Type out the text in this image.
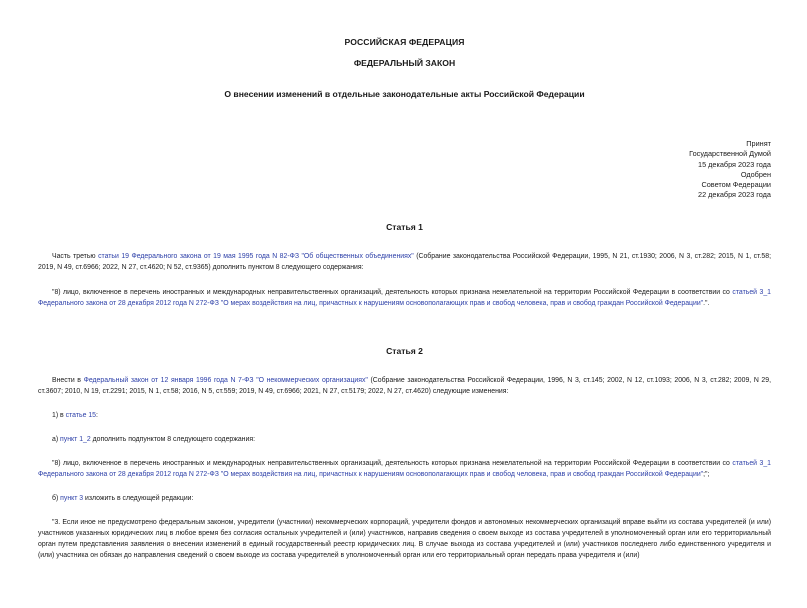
РОССИЙСКАЯ ФЕДЕРАЦИЯ
ФЕДЕРАЛЬНЫЙ ЗАКОН
О внесении изменений в отдельные законодательные акты Российской Федерации
Принят
Государственной Думой
15 декабря 2023 года
Одобрен
Советом Федерации
22 декабря 2023 года
Статья 1

Часть третью статьи 19 Федерального закона от 19 мая 1995 года N 82-ФЗ "Об общественных объединениях" (Собрание законодательства Российской Федерации, 1995, N 21, ст.1930; 2006, N 3, ст.282; 2015, N 1, ст.58; 2019, N 49, ст.6966; 2022, N 27, ст.4620; N 52, ст.9365) дополнить пунктом 8 следующего содержания:

"8) лицо, включенное в перечень иностранных и международных неправительственных организаций, деятельность которых признана нежелательной на территории Российской Федерации в соответствии со статьей 3_1 Федерального закона от 28 декабря 2012 года N 272-ФЗ "О мерах воздействия на лиц, причастных к нарушениям основополагающих прав и свобод человека, прав и свобод граждан Российской Федерации".".

Статья 2

Внести в Федеральный закон от 12 января 1996 года N 7-ФЗ "О некоммерческих организациях" (Собрание законодательства Российской Федерации, 1996, N 3, ст.145; 2002, N 12, ст.1093; 2006, N 3, ст.282; 2009, N 29, ст.3607; 2010, N 19, ст.2291; 2015, N 1, ст.58; 2016, N 5, ст.559; 2019, N 49, ст.6966; 2021, N 27, ст.5179; 2022, N 27, ст.4620) следующие изменения:

1) в статье 15:

а) пункт 1_2 дополнить подпунктом 8 следующего содержания:

"8) лицо, включенное в перечень иностранных и международных неправительственных организаций, деятельность которых признана нежелательной на территории Российской Федерации в соответствии со статьей 3_1 Федерального закона от 28 декабря 2012 года N 272-ФЗ "О мерах воздействия на лиц, причастных к нарушениям основополагающих прав и свобод человека, прав и свобод граждан Российской Федерации";";

б) пункт 3 изложить в следующей редакции:

"3. Если иное не предусмотрено федеральным законом, учредители (участники) некоммерческих корпораций, учредители фондов и автономных некоммерческих организаций вправе выйти из состава учредителей (и или) участников указанных юридических лиц в любое время без согласия остальных учредителей и (или) участников, направив сведения о своем выходе из состава учредителей в уполномоченный орган или его территориальный орган путем представления заявления о внесении изменений в единый государственный реестр юридических лиц. В случае выхода из состава учредителей и (или) участников последнего либо единственного учредителя и (или) участника он обязан до направления сведений о своем выходе из состава учредителей в уполномоченный орган или его территориальный орган передать права учредителя и (или)
